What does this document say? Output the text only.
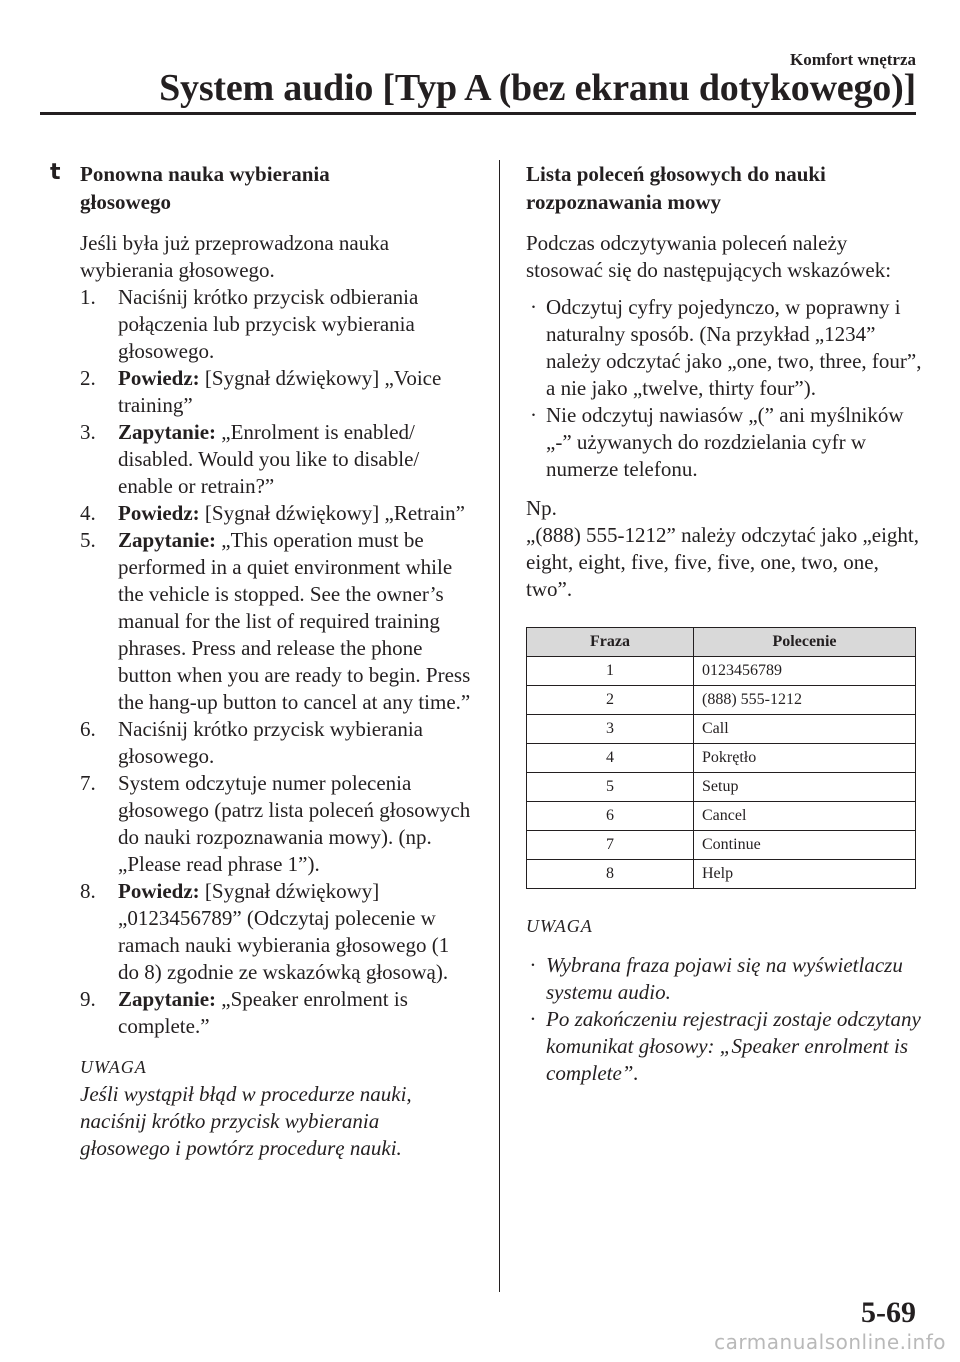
Komfort wnętrza
System audio [Typ A (bez ekranu dotykowego)]
t Ponowna nauka wybierania

głosowego

Jeśli była już przeprowadzona nauka wybierania głosowego.

1. Naciśnij krótko przycisk odbierania połączenia lub przycisk wybierania głosowego.
2. Powiedz: [Sygnał dźwiękowy] „Voice training”
3. Zapytanie: „Enrolment is enabled/ disabled. Would you like to disable/ enable or retrain?”
4. Powiedz: [Sygnał dźwiękowy] „Retrain”
5. Zapytanie: „This operation must be performed in a quiet environment while the vehicle is stopped. See the owner’s manual for the list of required training phrases. Press and release the phone button when you are ready to begin. Press the hang-up button to cancel at any time.”
6. Naciśnij krótko przycisk wybierania głosowego.
7. System odczytuje numer polecenia głosowego (patrz lista poleceń głosowych do nauki rozpoznawania mowy). (np. „Please read phrase 1”).
8. Powiedz: [Sygnał dźwiękowy] „0123456789” (Odczytaj polecenie w ramach nauki wybierania głosowego (1 do 8) zgodnie ze wskazówką głosową).
9. Zapytanie: „Speaker enrolment is complete.”

UWAGA

Jeśli wystąpił błąd w procedurze nauki, naciśnij krótko przycisk wybierania głosowego i powtórz procedurę nauki.

Lista poleceń głosowych do nauki

rozpoznawania mowy

Podczas odczytywania poleceń należy stosować się do następujących wskazówek:

· Odczytuj cyfry pojedynczo, w poprawny i naturalny sposób. (Na przykład „1234” należy odczytać jako „one, two, three, four”, a nie jako „twelve, thirty four”).
· Nie odczytuj nawiasów „(” ani myślników „-” używanych do rozdzielania cyfr w numerze telefonu.

Np.

„(888) 555-1212” należy odczytać jako „eight, eight, eight, five, five, five, one, two, one, two”.

Fraza	Polecenie
1	0123456789
2	(888) 555-1212
3	Call
4	Pokrętło
5	Setup
6	Cancel
7	Continue
8	Help

UWAGA

· Wybrana fraza pojawi się na wyświetlaczu systemu audio.
· Po zakończeniu rejestracji zostaje odczytany komunikat głosowy: „Speaker enrolment is complete”.
5-69
carmanualsonline.info
